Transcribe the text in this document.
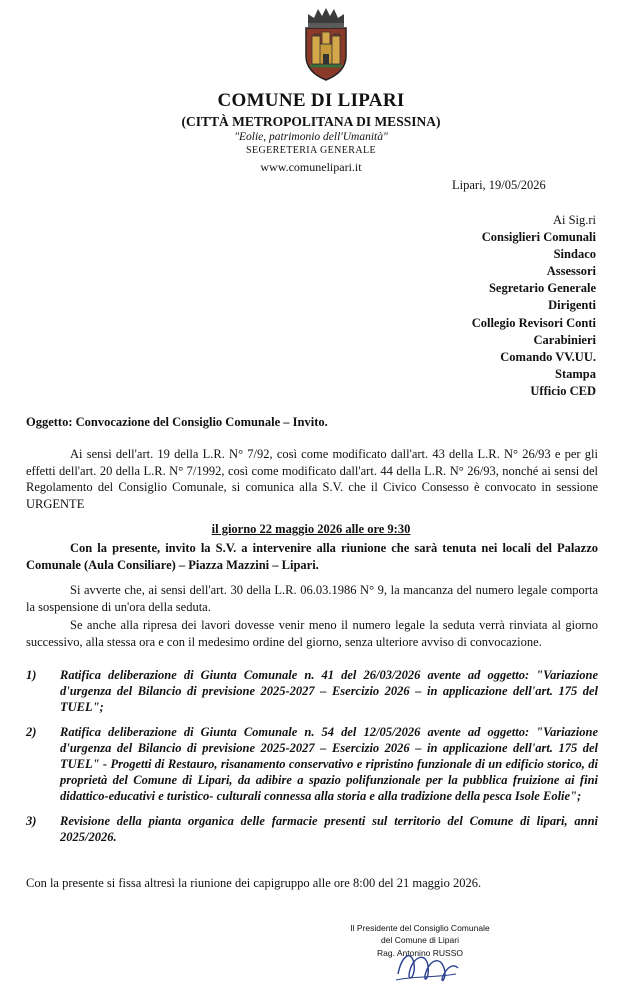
COMUNE DI LIPARI
(CITTÀ METROPOLITANA DI MESSINA)
"Eolie, patrimonio dell'Umanità"
SEGERETERIA GENERALE
www.comunelipari.it
Lipari, 19/05/2026
Ai Sig.ri
Consiglieri Comunali
Sindaco
Assessori
Segretario Generale
Dirigenti
Collegio Revisori Conti
Carabinieri
Comando VV.UU.
Stampa
Ufficio CED
Oggetto: Convocazione del Consiglio Comunale – Invito.
Ai sensi dell'art. 19 della L.R. N° 7/92, così come modificato dall'art. 43 della L.R. N° 26/93 e per gli effetti dell'art. 20 della L.R. N° 7/1992, così come modificato dall'art. 44 della L.R. N° 26/93, nonché ai sensi del Regolamento del Consiglio Comunale, si comunica alla S.V. che il Civico Consesso è convocato in sessione URGENTE
il giorno 22 maggio 2026 alle ore 9:30
Con la presente, invito la S.V. a intervenire alla riunione che sarà tenuta nei locali del Palazzo Comunale (Aula Consiliare) – Piazza Mazzini – Lipari.
Si avverte che, ai sensi dell'art. 30 della L.R. 06.03.1986 N° 9, la mancanza del numero legale comporta la sospensione di un'ora della seduta.
Se anche alla ripresa dei lavori dovesse venir meno il numero legale la seduta verrà rinviata al giorno successivo, alla stessa ora e con il medesimo ordine del giorno, senza ulteriore avviso di convocazione.
1) Ratifica deliberazione di Giunta Comunale n. 41 del 26/03/2026 avente ad oggetto: "Variazione d'urgenza del Bilancio di previsione 2025-2027 – Esercizio 2026 – in applicazione dell'art. 175 del TUEL";
2) Ratifica deliberazione di Giunta Comunale n. 54 del 12/05/2026 avente ad oggetto: "Variazione d'urgenza del Bilancio di previsione 2025-2027 – Esercizio 2026 – in applicazione dell'art. 175 del TUEL" - Progetti di Restauro, risanamento conservativo e ripristino funzionale di un edificio storico, di proprietà del Comune di Lipari, da adibire a spazio polifunzionale per la pubblica fruizione ai fini didattico-educativi e turistico- culturali connessa alla storia e alla tradizione della pesca Isole Eolie";
3) Revisione della pianta organica delle farmacie presenti sul territorio del Comune di lipari, anni 2025/2026.
Con la presente si fissa altresì la riunione dei capigruppo alle ore 8:00 del 21 maggio 2026.
Il Presidente del Consiglio Comunale
del Comune di Lipari
Rag. Antonino RUSSO
